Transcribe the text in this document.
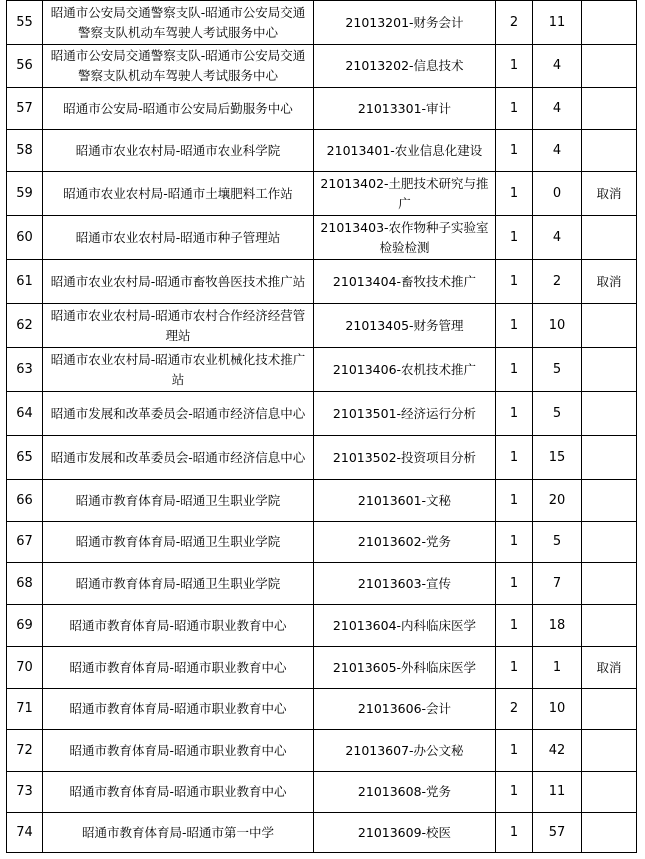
55	昭通市公安局交通警察支队-昭通市公安局交通警察支队机动车驾驶人考试服务中心	21013201-财务会计	2	11	
56	昭通市公安局交通警察支队-昭通市公安局交通警察支队机动车驾驶人考试服务中心	21013202-信息技术	1	4	
57	昭通市公安局-昭通市公安局后勤服务中心	21013301-审计	1	4	
58	昭通市农业农村局-昭通市农业科学院	21013401-农业信息化建设	1	4	
59	昭通市农业农村局-昭通市土壤肥料工作站	21013402-土肥技术研究与推广	1	0	取消
60	昭通市农业农村局-昭通市种子管理站	21013403-农作物种子实验室检验检测	1	4	
61	昭通市农业农村局-昭通市畜牧兽医技术推广站	21013404-畜牧技术推广	1	2	取消
62	昭通市农业农村局-昭通市农村合作经济经营管理站	21013405-财务管理	1	10	
63	昭通市农业农村局-昭通市农业机械化技术推广站	21013406-农机技术推广	1	5	
64	昭通市发展和改革委员会-昭通市经济信息中心	21013501-经济运行分析	1	5	
65	昭通市发展和改革委员会-昭通市经济信息中心	21013502-投资项目分析	1	15	
66	昭通市教育体育局-昭通卫生职业学院	21013601-文秘	1	20	
67	昭通市教育体育局-昭通卫生职业学院	21013602-党务	1	5	
68	昭通市教育体育局-昭通卫生职业学院	21013603-宣传	1	7	
69	昭通市教育体育局-昭通市职业教育中心	21013604-内科临床医学	1	18	
70	昭通市教育体育局-昭通市职业教育中心	21013605-外科临床医学	1	1	取消
71	昭通市教育体育局-昭通市职业教育中心	21013606-会计	2	10	
72	昭通市教育体育局-昭通市职业教育中心	21013607-办公文秘	1	42	
73	昭通市教育体育局-昭通市职业教育中心	21013608-党务	1	11	
74	昭通市教育体育局-昭通市第一中学	21013609-校医	1	57	
